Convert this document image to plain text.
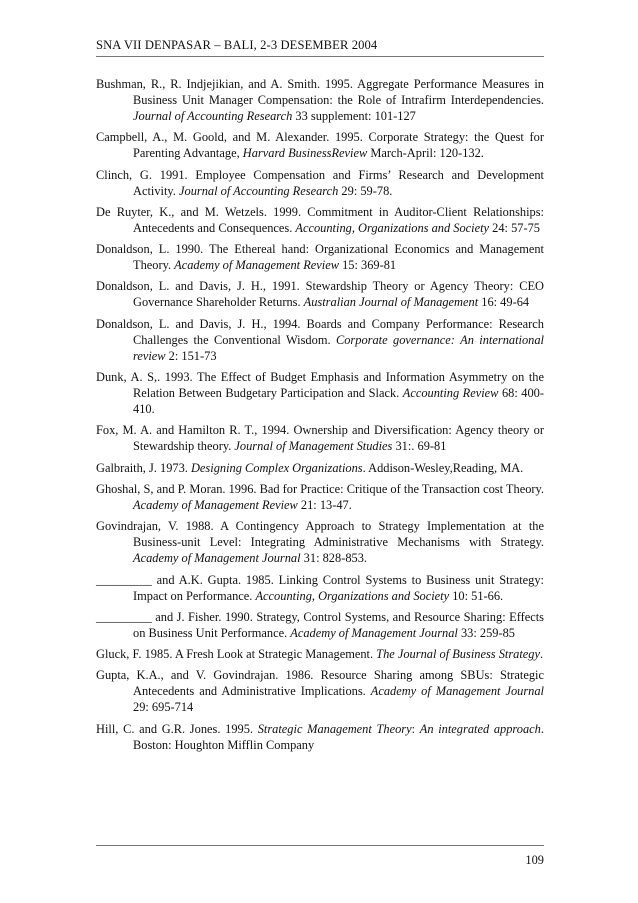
SNA VII DENPASAR – BALI, 2-3 DESEMBER 2004

Bushman, R., R. Indjejikian, and A. Smith. 1995. Aggregate Performance Measures in Business Unit Manager Compensation: the Role of Intrafirm Interdependencies. Journal of Accounting Research 33 supplement: 101-127

Campbell, A., M. Goold, and M. Alexander. 1995. Corporate Strategy: the Quest for Parenting Advantage, Harvard BusinessReview March-April: 120-132.

Clinch, G. 1991. Employee Compensation and Firms’ Research and Development Activity. Journal of Accounting Research 29: 59-78.

De Ruyter, K., and M. Wetzels. 1999. Commitment in Auditor-Client Relationships: Antecedents and Consequences. Accounting, Organizations and Society 24: 57-75

Donaldson, L. 1990. The Ethereal hand: Organizational Economics and Management Theory. Academy of Management Review 15: 369-81

Donaldson, L. and Davis, J. H., 1991. Stewardship Theory or Agency Theory: CEO Governance Shareholder Returns. Australian Journal of Management 16: 49-64

Donaldson, L. and Davis, J. H., 1994. Boards and Company Performance: Research Challenges the Conventional Wisdom. Corporate governance: An international review 2: 151-73

Dunk, A. S,. 1993. The Effect of Budget Emphasis and Information Asymmetry on the Relation Between Budgetary Participation and Slack. Accounting Review 68: 400-410.

Fox, M. A. and Hamilton R. T., 1994. Ownership and Diversification: Agency theory or Stewardship theory. Journal of Management Studies 31:. 69-81

Galbraith, J. 1973. Designing Complex Organizations. Addison-Wesley,Reading, MA.

Ghoshal, S, and P. Moran. 1996. Bad for Practice: Critique of the Transaction cost Theory. Academy of Management Review 21: 13-47.

Govindrajan, V. 1988. A Contingency Approach to Strategy Implementation at the Business-unit Level: Integrating Administrative Mechanisms with Strategy. Academy of Management Journal 31: 828-853.

_________ and A.K. Gupta. 1985. Linking Control Systems to Business unit Strategy: Impact on Performance. Accounting, Organizations and Society 10: 51-66.

_________ and J. Fisher. 1990. Strategy, Control Systems, and Resource Sharing: Effects on Business Unit Performance. Academy of Management Journal 33: 259-85

Gluck, F. 1985. A Fresh Look at Strategic Management. The Journal of Business Strategy.

Gupta, K.A., and V. Govindrajan. 1986. Resource Sharing among SBUs: Strategic Antecedents and Administrative Implications. Academy of Management Journal 29: 695-714

Hill, C. and G.R. Jones. 1995. Strategic Management Theory: An integrated approach. Boston: Houghton Mifflin Company

109
